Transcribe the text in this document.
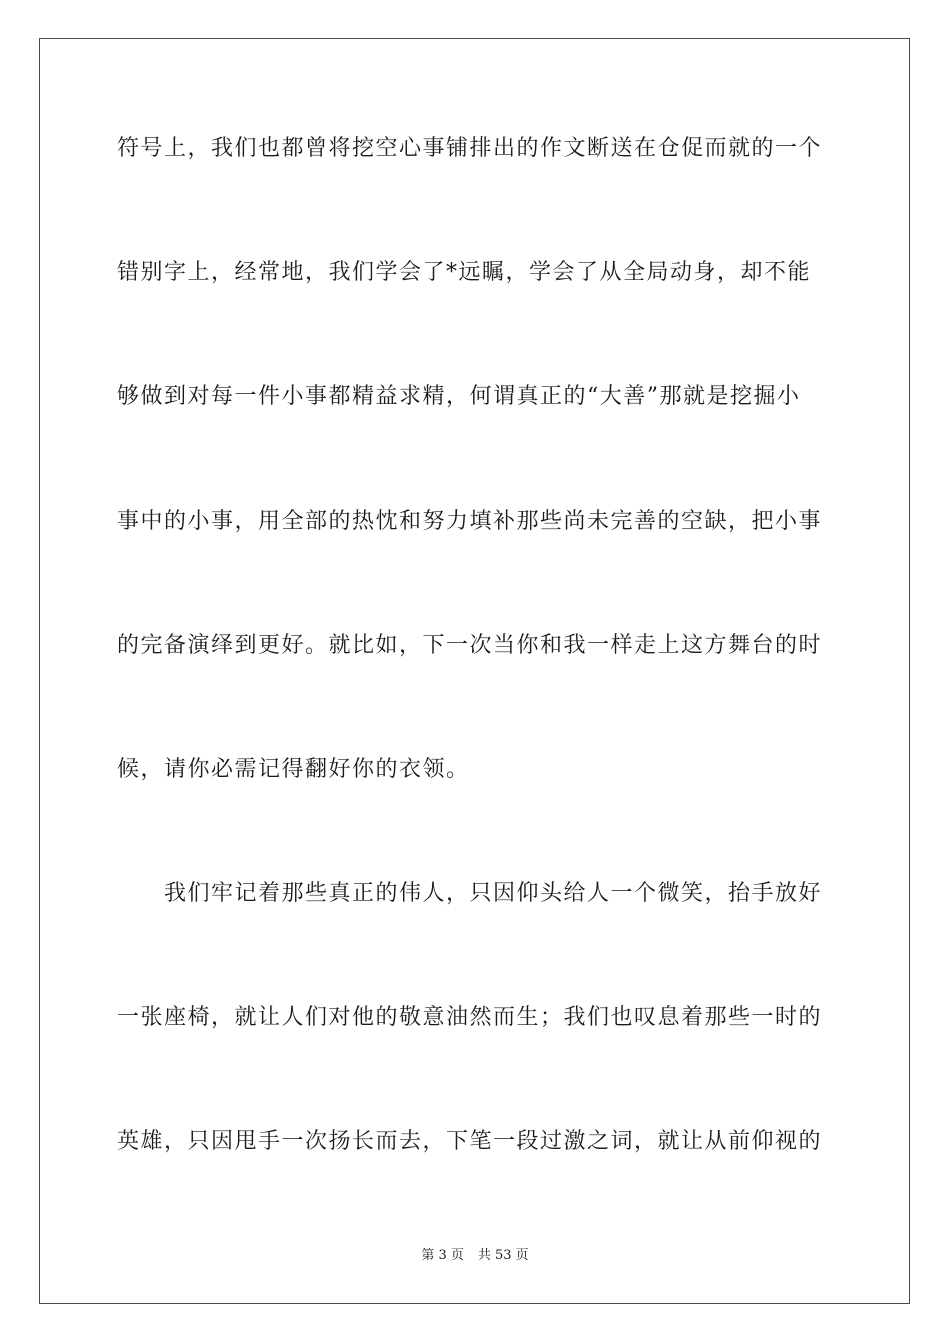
符号上，我们也都曾将挖空心事铺排出的作文断送在仓促而就的一个
错别字上，经常地，我们学会了*远瞩，学会了从全局动身，却不能
够做到对每一件小事都精益求精，何谓真正的“大善”那就是挖掘小
事中的小事，用全部的热忱和努力填补那些尚未完善的空缺，把小事
的完备演绎到更好。就比如，下一次当你和我一样走上这方舞台的时
候，请你必需记得翻好你的衣领。
我们牢记着那些真正的伟人，只因仰头给人一个微笑，抬手放好
一张座椅，就让人们对他的敬意油然而生；我们也叹息着那些一时的
英雄，只因甩手一次扬长而去，下笔一段过激之词，就让从前仰视的
第 3 页 共 53 页
